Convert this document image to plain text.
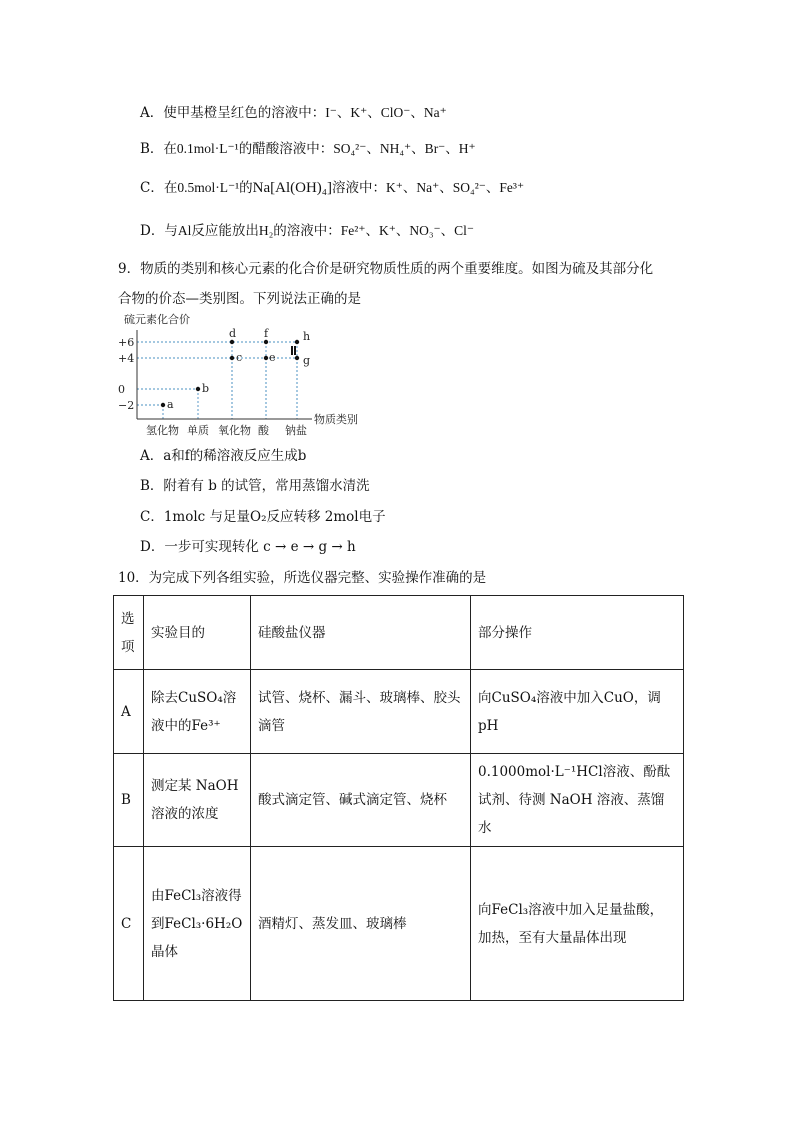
A．使甲基橙呈红色的溶液中：I⁻、K⁺、ClO⁻、Na⁺
B．在0.1mol·L⁻¹的醋酸溶液中：SO₄²⁻、NH₄⁺、Br⁻、H⁺
C．在0.5mol·L⁻¹的Na[Al(OH)₄]溶液中：K⁺、Na⁺、SO₄²⁻、Fe³⁺
D．与Al反应能放出H₂的溶液中：Fe²⁺、K⁺、NO₃⁻、Cl⁻
9．物质的类别和核心元素的化合价是研究物质性质的两个重要维度。如图为硫及其部分化
合物的价态—类别图。下列说法正确的是
+6
+4
0
−2
氢化物 单质 氧化物 酸 钠盐
a
b
c
d
e
f
g
h
硫元素化合价
物质类别
A．a和f的稀溶液反应生成b
B．附着有 b 的试管，常用蒸馏水清洗
C．1molc 与足量O₂反应转移 2mol电子
D．一步可实现转化 c → e → g → h
10．为完成下列各组实验，所选仪器完整、实验操作准确的是
选项	实验目的	硅酸盐仪器	部分操作
A	除去CuSO₄溶液中的Fe³⁺	试管、烧杯、漏斗、玻璃棒、胶头滴管	向CuSO₄溶液中加入CuO，调pH
B	测定某 NaOH 溶液的浓度	酸式滴定管、碱式滴定管、烧杯	0.1000mol·L⁻¹HCl溶液、酚酞试剂、待测 NaOH 溶液、蒸馏水
C	由FeCl₃溶液得到FeCl₃·6H₂O晶体	酒精灯、蒸发皿、玻璃棒	向FeCl₃溶液中加入足量盐酸，加热，至有大量晶体出现
